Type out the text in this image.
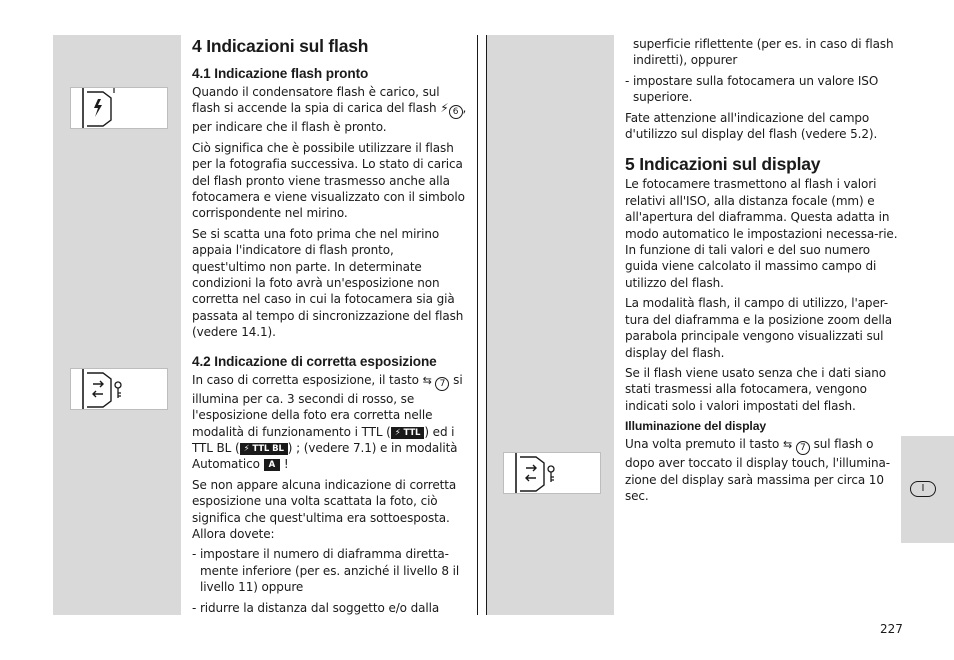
4 Indicazioni sul flash
4.1 Indicazione flash pronto

Quando il condensatore flash è carico, sul flash si accende la spia di carica del flash ⚡ 6 , per indicare che il flash è pronto.

Ciò significa che è possibile utilizzare il flash per la fotografia successiva. Lo stato di carica del flash pronto viene trasmesso anche alla fotocamera e viene visualizzato con il simbolo corrispondente nel mirino.

Se si scatta una foto prima che nel mirino appaia l'indicatore di flash pronto, quest'ultimo non parte. In determinate condizioni la foto avrà un'esposizione non corretta nel caso in cui la fotocamera sia già passata al tempo di sincronizzazione del flash (vedere 14.1).

4.2 Indicazione di corretta esposizione

In caso di corretta esposizione, il tasto ⇆ 7 si illumina per ca. 3 secondi di rosso, se l'esposizione della foto era corretta nelle modalità di funzionamento i TTL ( ⚡ TTL ) ed i TTL BL ( ⚡ TTL BL ) ; (vedere 7.1) e in modalità Automatico A !

Se non appare alcuna indicazione di corretta esposizione una volta scattata la foto, ciò significa che quest'ultima era sottoesposta. Allora dovete:

- impostare il numero di diaframma diretta-mente inferiore (per es. anziché il livello 8 il livello 11) oppure

- ridurre la distanza dal soggetto e/o dalla

superficie riflettente (per es. in caso di flash indiretti), oppurer

- impostare sulla fotocamera un valore ISO superiore.

Fate attenzione all'indicazione del campo d'utilizzo sul display del flash (vedere 5.2).

5 Indicazioni sul display

Le fotocamere trasmettono al flash i valori relativi all'ISO, alla distanza focale (mm) e all'apertura del diaframma. Questa adatta in modo automatico le impostazioni necessa-rie. In funzione di tali valori e del suo numero guida viene calcolato il massimo campo di utilizzo del flash.

La modalità flash, il campo di utilizzo, l'aper-tura del diaframma e la posizione zoom della parabola principale vengono visualizzati sul display del flash.

Se il flash viene usato senza che i dati siano stati trasmessi alla fotocamera, vengono indicati solo i valori impostati del flash.

Illuminazione del display

Una volta premuto il tasto ⇆ 7 sul flash o dopo aver toccato il display touch, l'illumina-zione del display sarà massima per circa 10 sec.

I
227
